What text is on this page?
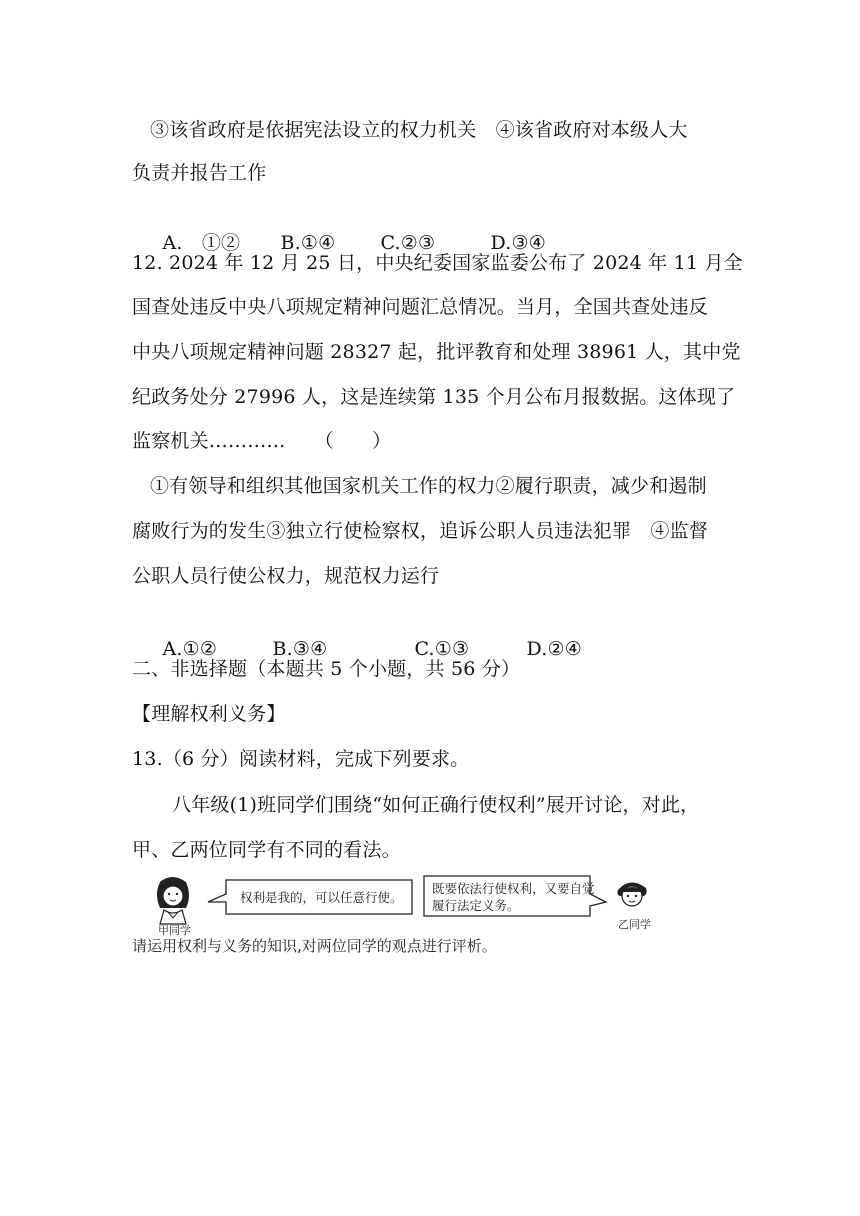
③该省政府是依据宪法设立的权力机关　④该省政府对本级人大
负责并报告工作

A.　①② B.①④ C.②③	D.③④

12. 2024 年 12 月 25 日，中央纪委国家监委公布了 2024 年 11 月全
国查处违反中央八项规定精神问题汇总情况。当月，全国共查处违反
中央八项规定精神问题 28327 起，批评教育和处理 38961 人，其中党
纪政务处分 27996 人，这是连续第 135 个月公布月报数据。这体现了
监察机关…………　　（　　）
①有领导和组织其他国家机关工作的权力②履行职责，减少和遏制
腐败行为的发生③独立行使检察权，追诉公职人员违法犯罪　④监督
公职人员行使公权力，规范权力运行

A.①②	B.③④	C.①③	D.②④

二、非选择题（本题共 5 个小题，共 56 分）
【理解权利义务】
13.（6 分）阅读材料，完成下列要求。
八年级(1)班同学们围绕“如何正确行使权利”展开讨论，对此，
甲、乙两位同学有不同的看法。
权利是我的，可以任意行使。
既要依法行使权利，又要自觉
履行法定义务。
甲同学	乙同学
请运用权利与义务的知识,对两位同学的观点进行评析。
